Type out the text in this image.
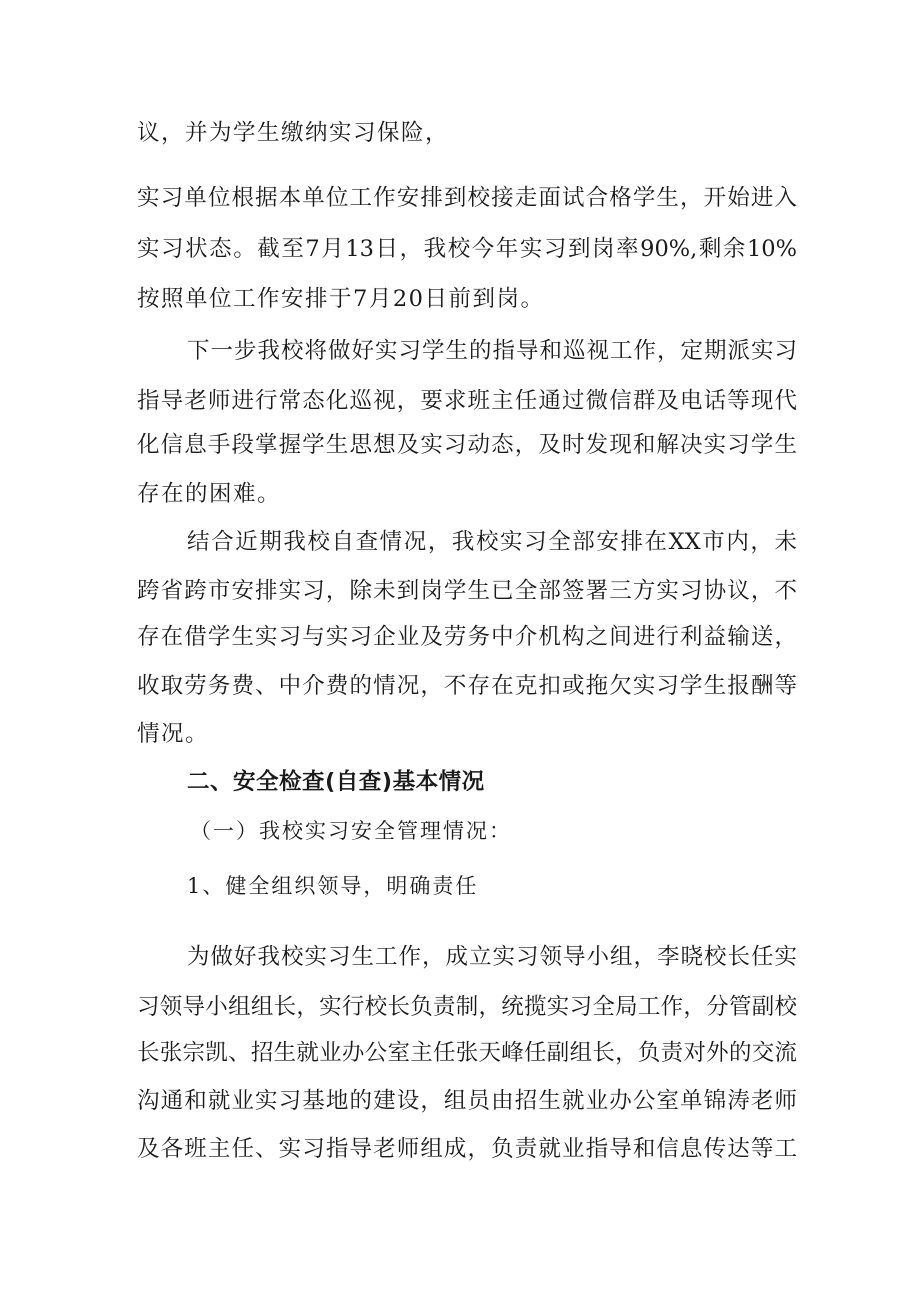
议，并为学生缴纳实习保险，
实习单位根据本单位工作安排到校接走面试合格学生，开始进入
实习状态。截至7月13日，我校今年实习到岗率90%,剩余10%
按照单位工作安排于7月20日前到岗。
下一步我校将做好实习学生的指导和巡视工作，定期派实习
指导老师进行常态化巡视，要求班主任通过微信群及电话等现代
化信息手段掌握学生思想及实习动态，及时发现和解决实习学生
存在的困难。
结合近期我校自查情况，我校实习全部安排在XX市内，未
跨省跨市安排实习，除未到岗学生已全部签署三方实习协议，不
存在借学生实习与实习企业及劳务中介机构之间进行利益输送，
收取劳务费、中介费的情况，不存在克扣或拖欠实习学生报酬等
情况。
二、安全检查(自查)基本情况
（一）我校实习安全管理情况：
1、健全组织领导，明确责任
为做好我校实习生工作，成立实习领导小组，李晓校长任实
习领导小组组长，实行校长负责制，统揽实习全局工作，分管副校
长张宗凯、招生就业办公室主任张天峰任副组长，负责对外的交流
沟通和就业实习基地的建设，组员由招生就业办公室单锦涛老师
及各班主任、实习指导老师组成，负责就业指导和信息传达等工
